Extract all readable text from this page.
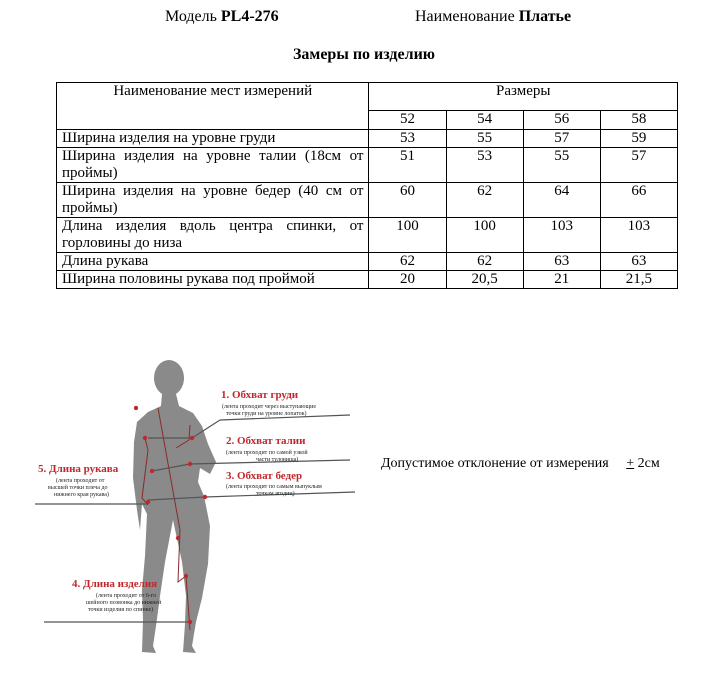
Модель PL4-276	Наименование Платье
Замеры по изделию
Наименование мест измерений	Размеры			
	52	54	56	58
Ширина изделия на уровне груди	53	55	57	59
Ширина изделия на уровне талии (18см от проймы)	51	53	55	57
Ширина изделия на уровне бедер (40 см от проймы)	60	62	64	66
Длина изделия вдоль центра спинки, от горловины до низа	100	100	103	103
Длина рукава	62	62	63	63
Ширина половины рукава под проймой	20	20,5	21	21,5
1. Обхват груди
(лента проходит через выступающие
точки груди на уровне лопаток)
2. Обхват талии
(лента проходит по самой узкой
части туловища)
3. Обхват бедер
(лента проходит по самым выпуклым
точкам ягодиц)
5. Длина рукава
(лента проходит от
высшей точки плеча до
нижнего края рукава)
4. Длина изделия
(лента проходит от 6-го
шейного позвонка до нижней
точки изделия по спинке)
Допустимое отклонение от измерения + 2см
